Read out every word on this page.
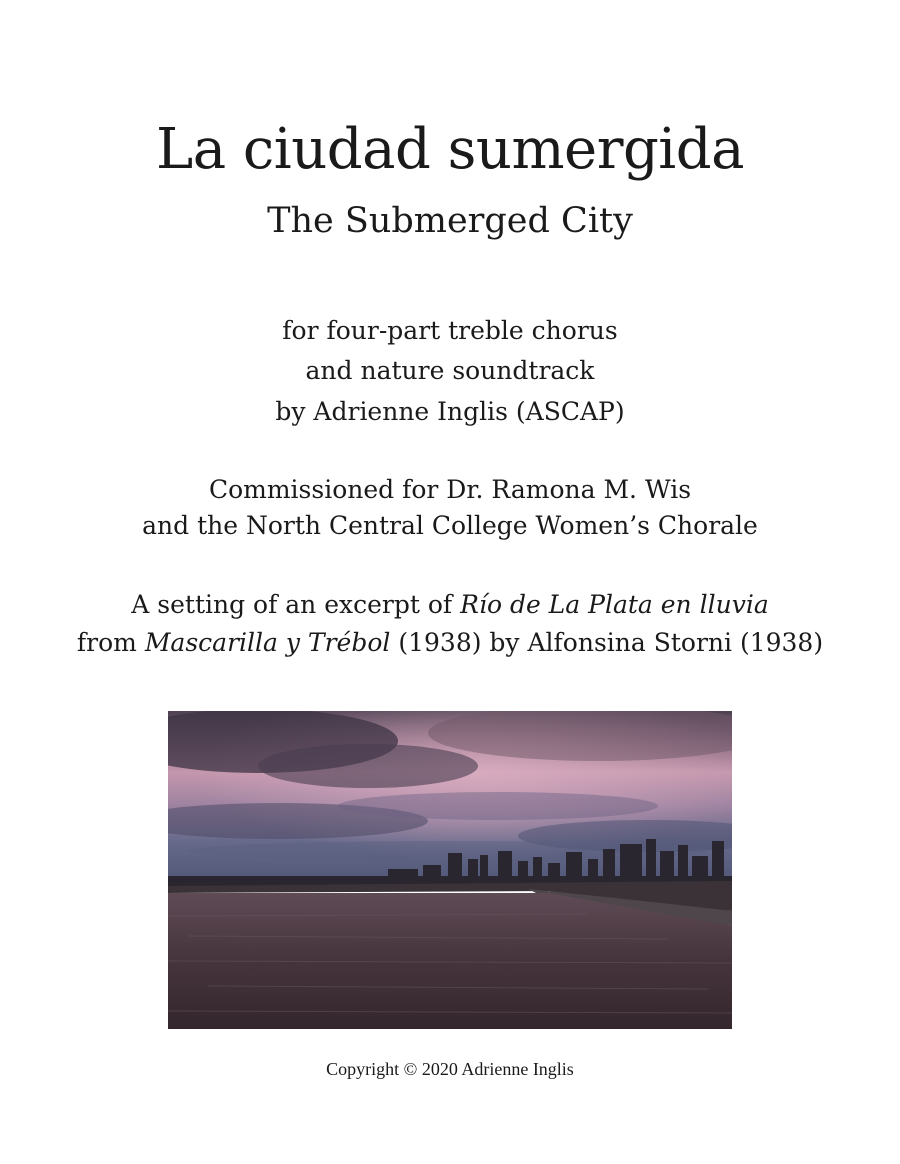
La ciudad sumergida
The Submerged City
for four-part treble chorus
and nature soundtrack
by Adrienne Inglis (ASCAP)
Commissioned for Dr. Ramona M. Wis
and the North Central College Women’s Chorale
A setting of an excerpt of Río de La Plata en lluvia
from Mascarilla y Trébol (1938) by Alfonsina Storni (1938)
Copyright © 2020 Adrienne Inglis
